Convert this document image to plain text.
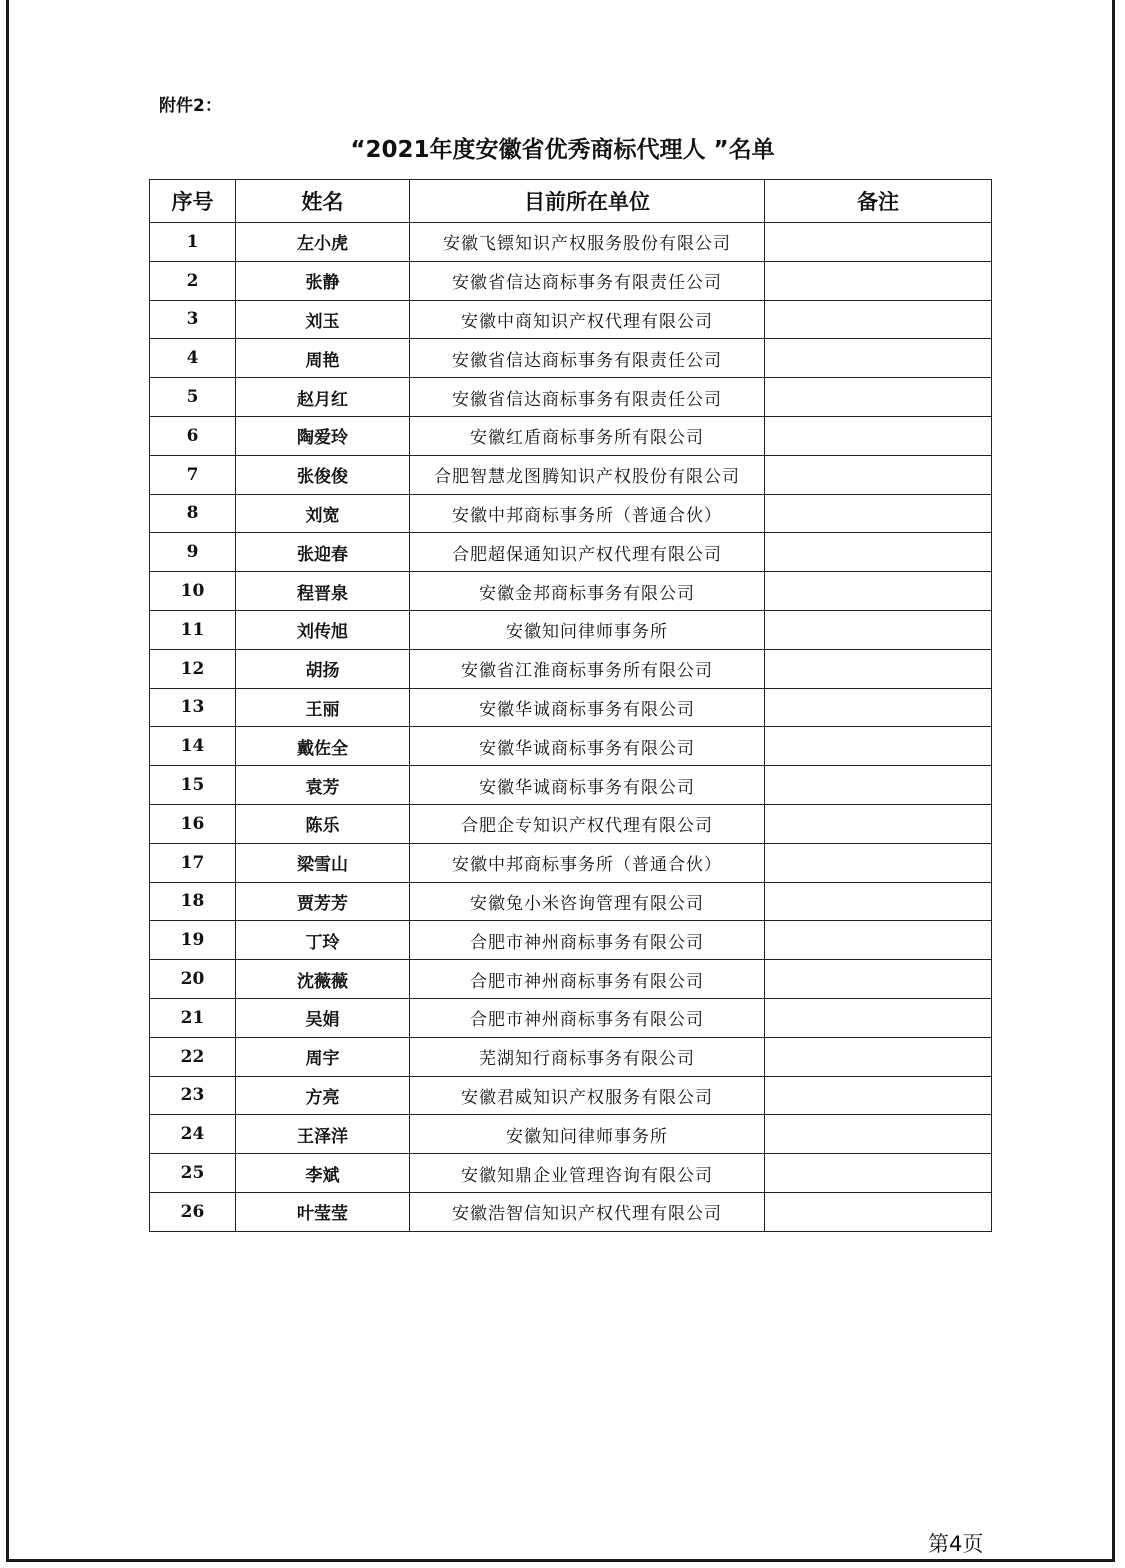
附件2：
“2021年度安徽省优秀商标代理人 ”名单
序号	姓名	目前所在单位	备注
1	左小虎	安徽飞镖知识产权服务股份有限公司	
2	张静	安徽省信达商标事务有限责任公司	
3	刘玉	安徽中商知识产权代理有限公司	
4	周艳	安徽省信达商标事务有限责任公司	
5	赵月红	安徽省信达商标事务有限责任公司	
6	陶爱玲	安徽红盾商标事务所有限公司	
7	张俊俊	合肥智慧龙图腾知识产权股份有限公司	
8	刘宽	安徽中邦商标事务所（普通合伙）	
9	张迎春	合肥超保通知识产权代理有限公司	
10	程晋泉	安徽金邦商标事务有限公司	
11	刘传旭	安徽知问律师事务所	
12	胡扬	安徽省江淮商标事务所有限公司	
13	王丽	安徽华诚商标事务有限公司	
14	戴佐全	安徽华诚商标事务有限公司	
15	袁芳	安徽华诚商标事务有限公司	
16	陈乐	合肥企专知识产权代理有限公司	
17	梁雪山	安徽中邦商标事务所（普通合伙）	
18	贾芳芳	安徽兔小米咨询管理有限公司	
19	丁玲	合肥市神州商标事务有限公司	
20	沈薇薇	合肥市神州商标事务有限公司	
21	吴娟	合肥市神州商标事务有限公司	
22	周宇	芜湖知行商标事务有限公司	
23	方亮	安徽君威知识产权服务有限公司	
24	王泽洋	安徽知问律师事务所	
25	李斌	安徽知鼎企业管理咨询有限公司	
26	叶莹莹	安徽浩智信知识产权代理有限公司	
第4页
